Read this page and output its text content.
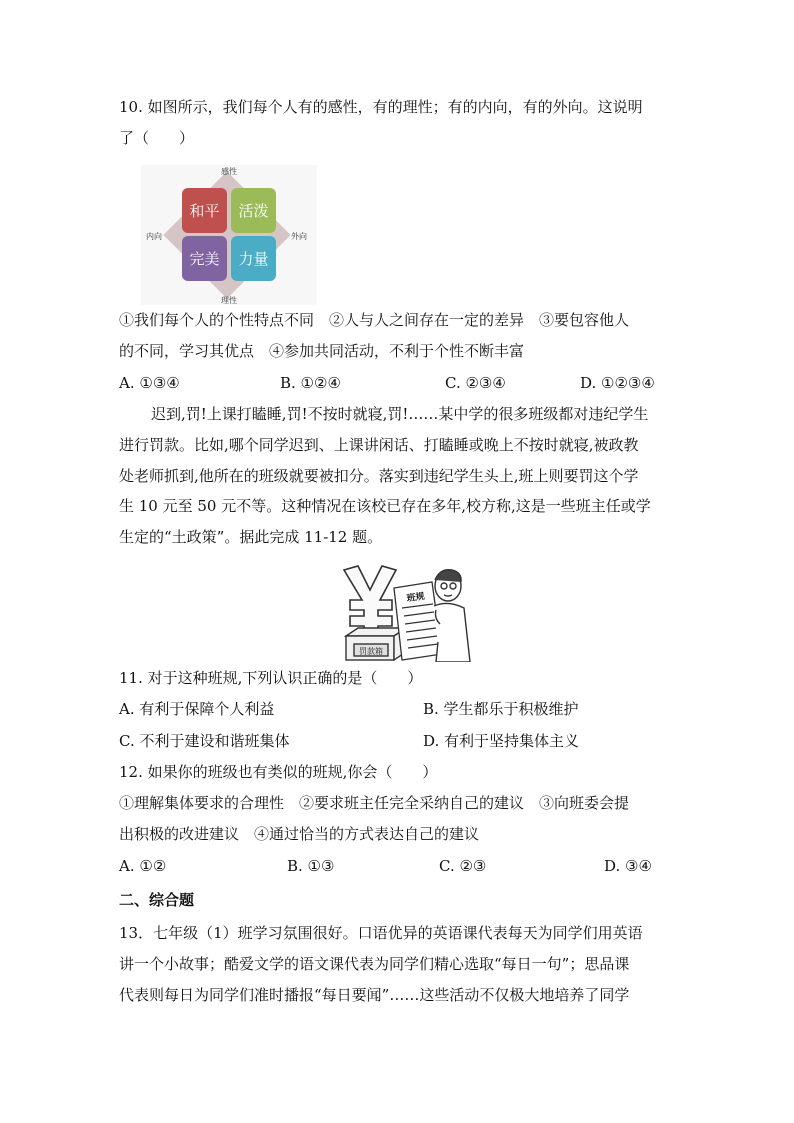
10. 如图所示，我们每个人有的感性，有的理性；有的内向，有的外向。这说明
了（　　）
感性
理性
内向	外向
和平	活泼
完美	力量
①我们每个人的个性特点不同　②人与人之间存在一定的差异　③要包容他人
的不同，学习其优点　④参加共同活动，不利于个性不断丰富
A. ①③④	B. ①②④	C. ②③④	D. ①②③④
迟到,罚!上课打瞌睡,罚!不按时就寝,罚!……某中学的很多班级都对违纪学生
进行罚款。比如,哪个同学迟到、上课讲闲话、打瞌睡或晚上不按时就寝,被政教
处老师抓到,他所在的班级就要被扣分。落实到违纪学生头上,班上则要罚这个学
生 10 元至 50 元不等。这种情况在该校已存在多年,校方称,这是一些班主任或学
生定的“土政策”。据此完成 11-12 题。
罚款箱
班规
11. 对于这种班规,下列认识正确的是（　　）
A. 有利于保障个人利益	B. 学生都乐于积极维护
C. 不利于建设和谐班集体	D. 有利于坚持集体主义
12. 如果你的班级也有类似的班规,你会（　　）
①理解集体要求的合理性　②要求班主任完全采纳自己的建议　③向班委会提
出积极的改进建议　④通过恰当的方式表达自己的建议
A. ①②	B. ①③	C. ②③	D. ③④
二、综合题
13．七年级（1）班学习氛围很好。口语优异的英语课代表每天为同学们用英语
讲一个小故事；酷爱文学的语文课代表为同学们精心选取“每日一句”；思品课
代表则每日为同学们准时播报“每日要闻”……这些活动不仅极大地培养了同学
